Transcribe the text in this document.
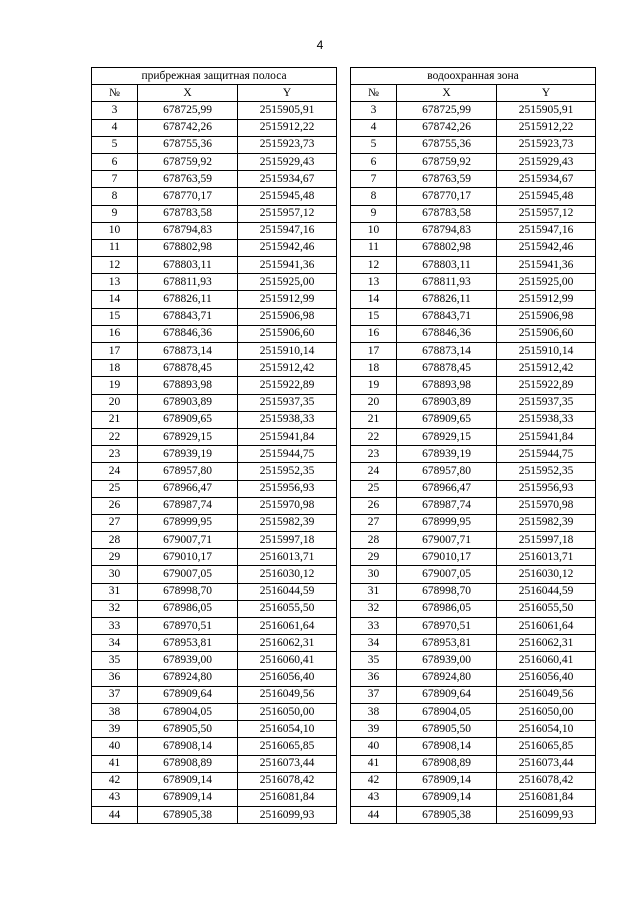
4
прибрежная защитная полоса				водоохранная зона		
№	X	Y		№	X	Y
3	678725,99	2515905,91		3	678725,99	2515905,91
4	678742,26	2515912,22		4	678742,26	2515912,22
5	678755,36	2515923,73		5	678755,36	2515923,73
6	678759,92	2515929,43		6	678759,92	2515929,43
7	678763,59	2515934,67		7	678763,59	2515934,67
8	678770,17	2515945,48		8	678770,17	2515945,48
9	678783,58	2515957,12		9	678783,58	2515957,12
10	678794,83	2515947,16		10	678794,83	2515947,16
11	678802,98	2515942,46		11	678802,98	2515942,46
12	678803,11	2515941,36		12	678803,11	2515941,36
13	678811,93	2515925,00		13	678811,93	2515925,00
14	678826,11	2515912,99		14	678826,11	2515912,99
15	678843,71	2515906,98		15	678843,71	2515906,98
16	678846,36	2515906,60		16	678846,36	2515906,60
17	678873,14	2515910,14		17	678873,14	2515910,14
18	678878,45	2515912,42		18	678878,45	2515912,42
19	678893,98	2515922,89		19	678893,98	2515922,89
20	678903,89	2515937,35		20	678903,89	2515937,35
21	678909,65	2515938,33		21	678909,65	2515938,33
22	678929,15	2515941,84		22	678929,15	2515941,84
23	678939,19	2515944,75		23	678939,19	2515944,75
24	678957,80	2515952,35		24	678957,80	2515952,35
25	678966,47	2515956,93		25	678966,47	2515956,93
26	678987,74	2515970,98		26	678987,74	2515970,98
27	678999,95	2515982,39		27	678999,95	2515982,39
28	679007,71	2515997,18		28	679007,71	2515997,18
29	679010,17	2516013,71		29	679010,17	2516013,71
30	679007,05	2516030,12		30	679007,05	2516030,12
31	678998,70	2516044,59		31	678998,70	2516044,59
32	678986,05	2516055,50		32	678986,05	2516055,50
33	678970,51	2516061,64		33	678970,51	2516061,64
34	678953,81	2516062,31		34	678953,81	2516062,31
35	678939,00	2516060,41		35	678939,00	2516060,41
36	678924,80	2516056,40		36	678924,80	2516056,40
37	678909,64	2516049,56		37	678909,64	2516049,56
38	678904,05	2516050,00		38	678904,05	2516050,00
39	678905,50	2516054,10		39	678905,50	2516054,10
40	678908,14	2516065,85		40	678908,14	2516065,85
41	678908,89	2516073,44		41	678908,89	2516073,44
42	678909,14	2516078,42		42	678909,14	2516078,42
43	678909,14	2516081,84		43	678909,14	2516081,84
44	678905,38	2516099,93		44	678905,38	2516099,93
